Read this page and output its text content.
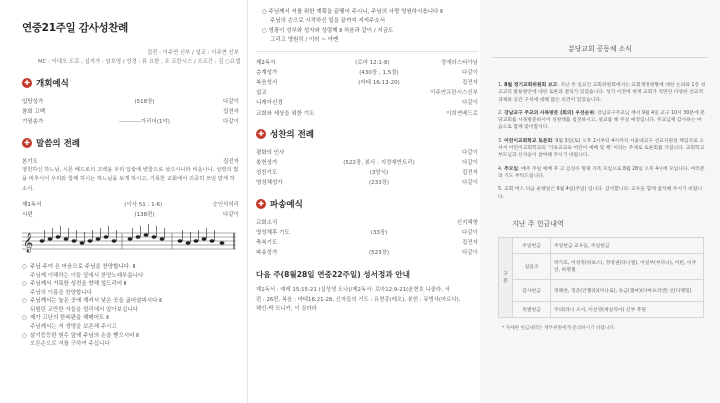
연중21주일 감사성찬례
집전 : 이주연 신부 / 설교 : 이주연 신부
MC : 이대오 도로 , 십자가 : 임호영 / 성경 : 류 요한 , 조 프란시스 / 오르간 : 김 ○요셉
✚ 개회예식
입당성가	(518장)	다같이
참회 고백	집전자
기원송가	-----------가리어(1악)	다같이
✚ 말씀의 전례
본기도	집전자
영원하신 하느님, 시몬 베드로의 고백을 우리 입술에 변함으로 삼으시니라 비옵나니, 성령의 빛을 비추시어 우리와 함께 하시는 하느님을 보게 하시고, 기록한 교회에서 귀중히 쓰임 받게 하소서.
제1독서	(이사 51 : 1-6)	승인석석리
시편	(138편)	다같이
𝄞
○ 주님 주여 온 마음으로 주님을 찬양합니다. Ⅱ
주님께 이해하는 이들 앞에서 찬양노래부릅니다
○ 주님께서 거룩한 성전을 향해 엎드리어 Ⅱ
주님의 이름을 찬양합니다
○ 주님께서는 높은 곳에 계셔서 낮은 곳을 굽어살피시다 Ⅱ
뒤떨린 교만한 자들을 멀리에서 알아보십니다
○ 제가 고난의 한복판을 헤매어도 Ⅱ
주님께서는 저 생명을 보존해 주시고
○ 살기등등한 원수 앞에 주님의 손을 뻗으시어 Ⅱ
오른손으로 저를 구하여 주십니다
○ 주님께서 저를 위한 계획을 끝맺어 주시니, 주님의 사랑 영원하시옵니다 Ⅱ
주님의 손으로 시작하신 일을 끝까지 지켜주소서
○ 영광이 성부와 성자와 성령께 Ⅱ 처음과 같이 / 지금도
그리고 영원히 / 이러 ~ 아멘
제2독서	(로마 12:1-8)	정에라스티아님
층계성가	(430장 , 1,5절)	다같이
복음성서	(마태 16:13-20)	집전자
설교	이주연프란시스신부
니케아신경	다같이
교회와 세상을 위한 기도	이희연베드로
✚ 성찬의 전례
평화의 인사	다같이
봉헌성가	(522장, 봉사 : 지정예반트리)	다같이
성찬기도	(3양식)	집전자
영성체성가	(233장)	다같이
✚ 파송예식
교회소식	신지혜형
영성체후 기도	(33장)	다같이
축복기도	집전자
파송성가	(523장)	다같이
다음 주(8월28일 연중22주일) 성서정과 안내
제1독서 : 예레 15:15-21 (십성생 도나)/제2독서: 로마12:9-21(윤현호 니콜라, 서
편 : 26편, 복음 : 마태16:21-28, 신자들의 기도 : 유현종(레오), 봉헌 : 뮤벙사(마르다),
헤인-박 모니카, 이 끌라라
분당교회 공동체 소식
1. 8월 정기교회위원회 보고: 지난 주 일요인 교회위원회에서는 교회재정현황에 대한 논의와 1층 성교교리 활용방안에 대한 토론과 결의가 있었습니다. 성가 이전에 현재 교회가 직면한 다양한 선교적 과제와 공간 구성에 대해 많은 의견이 있었습니다.
2. 강남교구 주교의 사목방문 (회의) 우선순위: 강남교구주교님 께서 9월 4일 교구 10시 30분에 분당교회를 사목방문하시어 성찬례를 집전하시고, 설교를 해 주실 예정입니다. 주교님께 감사하는 마음으로 함께 맞이합시다.
3. 어린이교회학교 토론회: 9월 3일(토) 오후 2시부터 4시까지 서울대교구 선교지원실 책임자로 오셔서 어린이교회학교의 '기독교교육 어린이 예배 및 책' 이라는 주제로 토론회를 가집니다. 교회학교 부모님과 신자들이 참여해 주시기 바랍니다.
4. 추모일: 매주 주일 예배 후 고 김성수 형제 가족 모임으로 8월 28일 오후 4시에 모입니다. 여러분의 기도 부탁드립니다.
5. 교회 버스 다음 운행일은 9월 4일(주일) 입니다. 감사합니다. 교우들 함께 참석해 주시기 바랍니다.
지난 주 헌금내역
구분	주일헌금	주일헌금 교우들, 주일헌금
	십일조	박가호, 어성정(바보스), 정영권(다니엘), 이일부(부다나), 이빈, 이주연, 하명철
	감사헌금	정해천, 정준(안젤라)(미나로), 유금(젬마)(다마프리엔) 신(다멩밀)
	특별헌금	주의(라니 오서, 이선영(세실리아) 신부 후원
* 자세한 헌금내역은 재무위원에게 문의하시기 바랍니다.
